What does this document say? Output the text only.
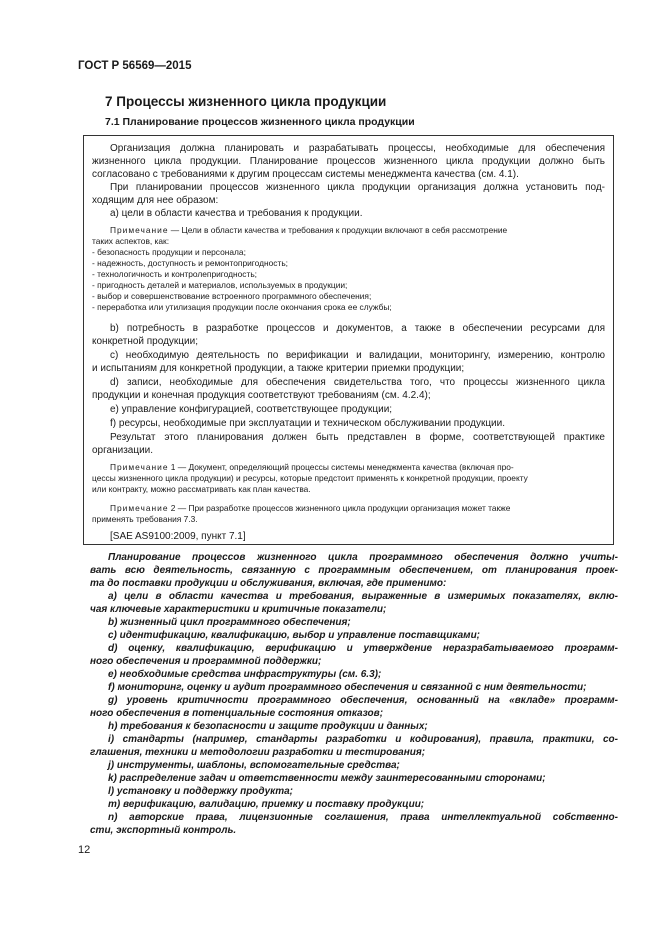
ГОСТ Р 56569—2015
7 Процессы жизненного цикла продукции
7.1 Планирование процессов жизненного цикла продукции
Организация должна планировать и разрабатывать процессы, необходимые для обеспечения
жизненного цикла продукции. Планирование процессов жизненного цикла продукции должно быть
согласовано с требованиями к другим процессам системы менеджмента качества (см. 4.1).
При планировании процессов жизненного цикла продукции организация должна установить под-
ходящим для нее образом:
а) цели в области качества и требования к продукции.
Примечание — Цели в области качества и требования к продукции включают в себя рассмотрение
таких аспектов, как:
- безопасность продукции и персонала;
- надежность, доступность и ремонтопригодность;
- технологичность и контролепригодность;
- пригодность деталей и материалов, используемых в продукции;
- выбор и совершенствование встроенного программного обеспечения;
- переработка или утилизация продукции после окончания срока ее службы;
b) потребность в разработке процессов и документов, а также в обеспечении ресурсами для
конкретной продукции;
c) необходимую деятельность по верификации и валидации, мониторингу, измерению, контролю
и испытаниям для конкретной продукции, а также критерии приемки продукции;
d) записи, необходимые для обеспечения свидетельства того, что процессы жизненного цикла
продукции и конечная продукция соответствуют требованиям (см. 4.2.4);
е) управление конфигурацией, соответствующее продукции;
f) ресурсы, необходимые при эксплуатации и техническом обслуживании продукции.
Результат этого планирования должен быть представлен в форме, соответствующей практике
организации.
Примечание 1 — Документ, определяющий процессы системы менеджмента качества (включая про-
цессы жизненного цикла продукции) и ресурсы, которые предстоит применять к конкретной продукции, проекту
или контракту, можно рассматривать как план качества.
Примечание 2 — При разработке процессов жизненного цикла продукции организация может также
применять требования 7.3.
[SAE AS9100:2009, пункт 7.1]
Планирование процессов жизненного цикла программного обеспечения должно учиты-
вать всю деятельность, связанную с программным обеспечением, от планирования проек-
та до поставки продукции и обслуживания, включая, где применимо:
a) цели в области качества и требования, выраженные в измеримых показателях, вклю-
чая ключевые характеристики и критичные показатели;
b) жизненный цикл программного обеспечения;
c) идентификацию, квалификацию, выбор и управление поставщиками;
d) оценку, квалификацию, верификацию и утверждение неразрабатываемого программ-
ного обеспечения и программной поддержки;
e) необходимые средства инфраструктуры (см. 6.3);
f) мониторинг, оценку и аудит программного обеспечения и связанной с ним деятельности;
g) уровень критичности программного обеспечения, основанный на «вкладе» программ-
ного обеспечения в потенциальные состояния отказов;
h) требования к безопасности и защите продукции и данных;
i) стандарты (например, стандарты разработки и кодирования), правила, практики, со-
глашения, техники и методологии разработки и тестирования;
j) инструменты, шаблоны, вспомогательные средства;
k) распределение задач и ответственности между заинтересованными сторонами;
l) установку и поддержку продукта;
m) верификацию, валидацию, приемку и поставку продукции;
n) авторские права, лицензионные соглашения, права интеллектуальной собственно-
сти, экспортный контроль.
12
